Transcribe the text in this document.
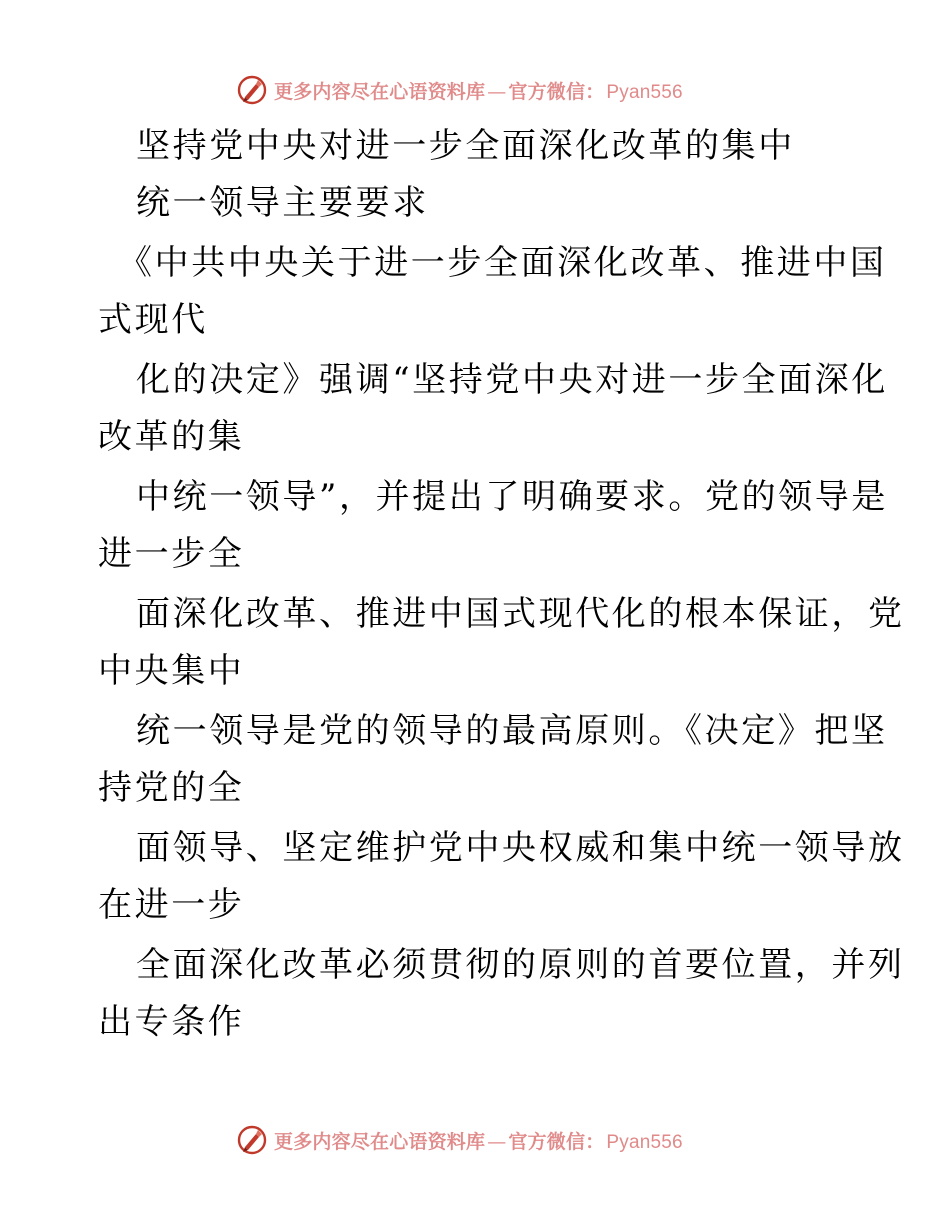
更多内容尽在心语资料库 — 官方微信： Pyan556
坚持党中央对进一步全面深化改革的集中
统一领导主要要求
《中共中央关于进一步全面深化改革、推进中国
式现代
化的决定》强调“坚持党中央对进一步全面深化
改革的集
中统一领导”，并提出了明确要求。党的领导是
进一步全
面深化改革、推进中国式现代化的根本保证，党
中央集中
统一领导是党的领导的最高原则。《决定》把坚
持党的全
面领导、坚定维护党中央权威和集中统一领导放
在进一步
全面深化改革必须贯彻的原则的首要位置，并列
出专条作
更多内容尽在心语资料库 — 官方微信： Pyan556
